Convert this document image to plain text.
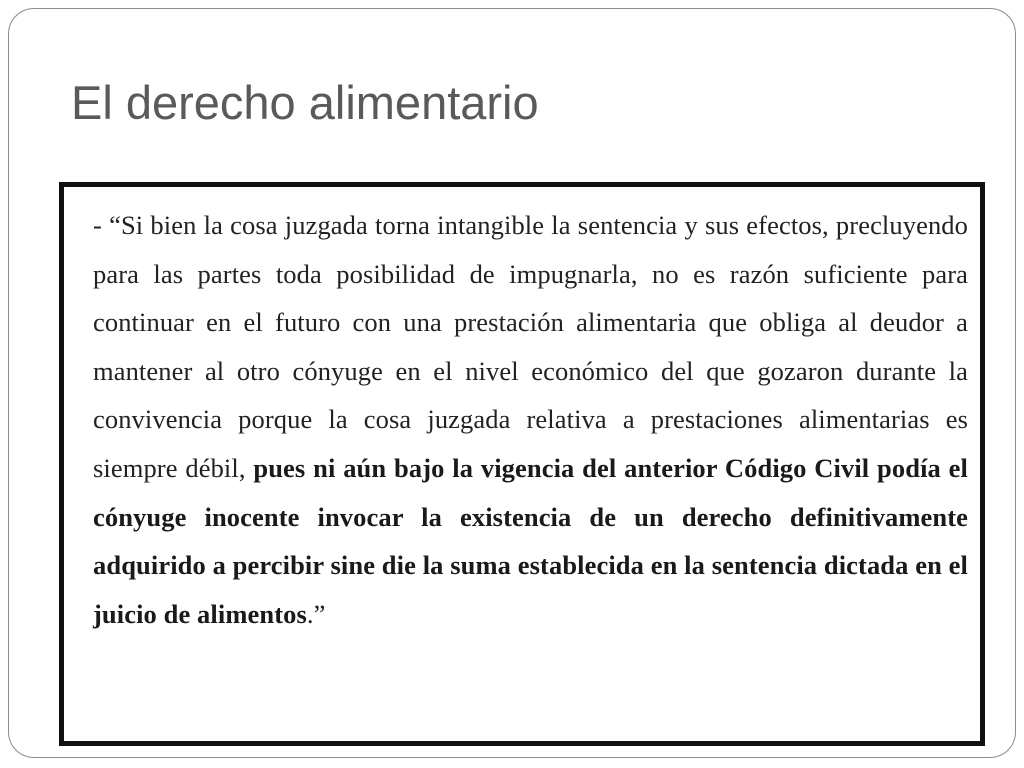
El derecho alimentario

- “Si bien la cosa juzgada torna intangible la sentencia y sus efectos, precluyendo para las partes toda posibilidad de impugnarla, no es razón suficiente para continuar en el futuro con una prestación alimentaria que obliga al deudor a mantener al otro cónyuge en el nivel económico del que gozaron durante la convivencia porque la cosa juzgada relativa a prestaciones alimentarias es siempre débil, pues ni aún bajo la vigencia del anterior Código Civil podía el cónyuge inocente invocar la existencia de un derecho definitivamente adquirido a percibir sine die la suma establecida en la sentencia dictada en el juicio de alimentos.”
